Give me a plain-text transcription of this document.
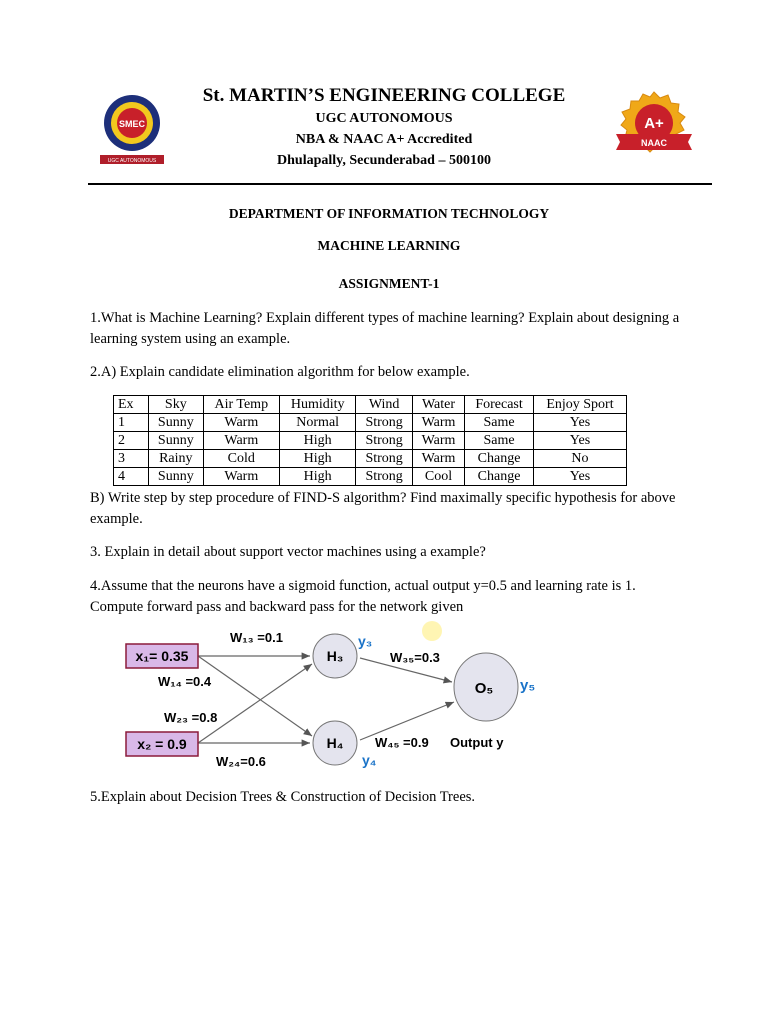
SMEC
UGC AUTONOMOUS
St. MARTIN’S ENGINEERING COLLEGE
UGC AUTONOMOUS
NBA & NAAC A+ Accredited
Dhulapally, Secunderabad – 500100
A+
NAAC
DEPARTMENT OF INFORMATION TECHNOLOGY
MACHINE LEARNING
ASSIGNMENT-1
1.What is Machine Learning? Explain different types of machine learning? Explain about designing a learning system using an example.
2.A) Explain candidate elimination algorithm for below example.
Ex	Sky	Air Temp	Humidity	Wind	Water	Forecast	Enjoy Sport
1	Sunny	Warm	Normal	Strong	Warm	Same	Yes
2	Sunny	Warm	High	Strong	Warm	Same	Yes
3	Rainy	Cold	High	Strong	Warm	Change	No
4	Sunny	Warm	High	Strong	Cool	Change	Yes
B) Write step by step procedure of FIND-S algorithm? Find maximally specific hypothesis for above example.
3. Explain in detail about support vector machines using a example?
4.Assume that the neurons have a sigmoid function, actual output y=0.5 and learning rate is 1. Compute forward pass and backward pass for the network given
x₁= 0.35
x₂ = 0.9
H₃
H₄
O₅
y₃
y₄
y₅
W₁₃ =0.1
W₁₄ =0.4
W₂₃ =0.8
W₂₄=0.6
W₃₅=0.3
W₄₅ =0.9 Output y
5.Explain about Decision Trees & Construction of Decision Trees.
